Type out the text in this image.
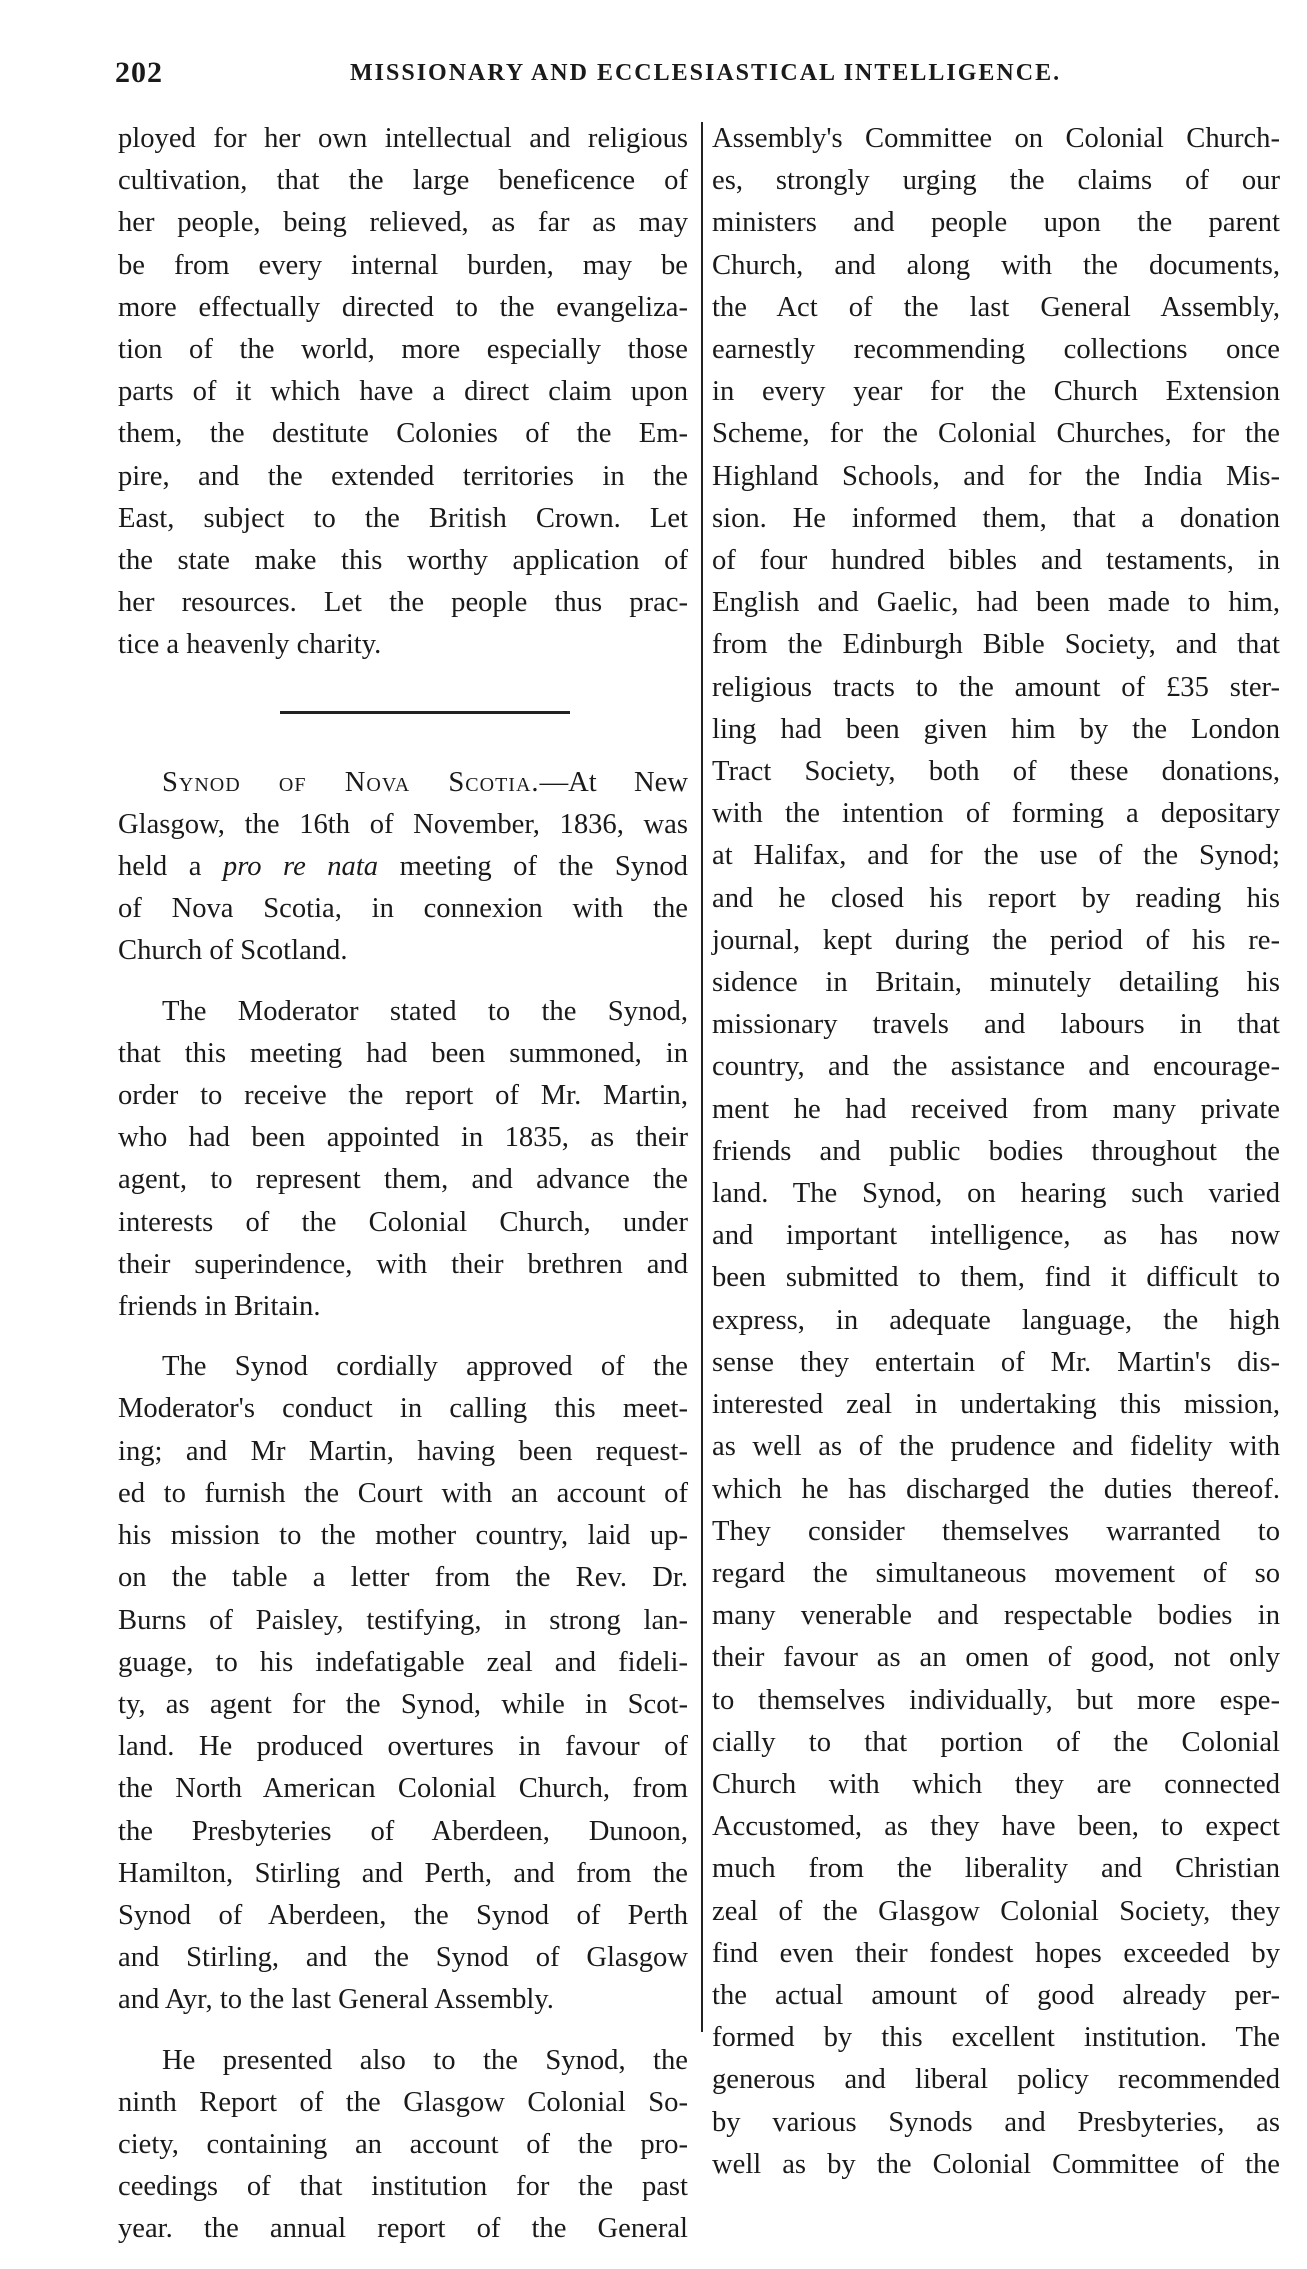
202	MISSIONARY AND ECCLESIASTICAL INTELLIGENCE.
ployed for her own intellectual and religious
cultivation, that the large beneficence of
her people, being relieved, as far as may
be from every internal burden, may be
more effectually directed to the evangeliza-
tion of the world, more especially those
parts of it which have a direct claim upon
them, the destitute Colonies of the Em-
pire, and the extended territories in the
East, subject to the British Crown. Let
the state make this worthy application of
her resources. Let the people thus prac-
tice a heavenly charity.
Synod of Nova Scotia.—At New
Glasgow, the 16th of November, 1836, was
held a pro re nata meeting of the Synod
of Nova Scotia, in connexion with the
Church of Scotland.
The Moderator stated to the Synod,
that this meeting had been summoned, in
order to receive the report of Mr. Martin,
who had been appointed in 1835, as their
agent, to represent them, and advance the
interests of the Colonial Church, under
their superindence, with their brethren and
friends in Britain.
The Synod cordially approved of the
Moderator's conduct in calling this meet-
ing; and Mr Martin, having been request-
ed to furnish the Court with an account of
his mission to the mother country, laid up-
on the table a letter from the Rev. Dr.
Burns of Paisley, testifying, in strong lan-
guage, to his indefatigable zeal and fideli-
ty, as agent for the Synod, while in Scot-
land. He produced overtures in favour of
the North American Colonial Church, from
the Presbyteries of Aberdeen, Dunoon,
Hamilton, Stirling and Perth, and from the
Synod of Aberdeen, the Synod of Perth
and Stirling, and the Synod of Glasgow
and Ayr, to the last General Assembly.
He presented also to the Synod, the
ninth Report of the Glasgow Colonial So-
ciety, containing an account of the pro-
ceedings of that institution for the past
year. the annual report of the General
Assembly's Committee on Colonial Church-
es, strongly urging the claims of our
ministers and people upon the parent
Church, and along with the documents,
the Act of the last General Assembly,
earnestly recommending collections once
in every year for the Church Extension
Scheme, for the Colonial Churches, for the
Highland Schools, and for the India Mis-
sion. He informed them, that a donation
of four hundred bibles and testaments, in
English and Gaelic, had been made to him,
from the Edinburgh Bible Society, and that
religious tracts to the amount of £35 ster-
ling had been given him by the London
Tract Society, both of these donations,
with the intention of forming a depositary
at Halifax, and for the use of the Synod;
and he closed his report by reading his
journal, kept during the period of his re-
sidence in Britain, minutely detailing his
missionary travels and labours in that
country, and the assistance and encourage-
ment he had received from many private
friends and public bodies throughout the
land. The Synod, on hearing such varied
and important intelligence, as has now
been submitted to them, find it difficult to
express, in adequate language, the high
sense they entertain of Mr. Martin's dis-
interested zeal in undertaking this mission,
as well as of the prudence and fidelity with
which he has discharged the duties thereof.
They consider themselves warranted to
regard the simultaneous movement of so
many venerable and respectable bodies in
their favour as an omen of good, not only
to themselves individually, but more espe-
cially to that portion of the Colonial
Church with which they are connected
Accustomed, as they have been, to expect
much from the liberality and Christian
zeal of the Glasgow Colonial Society, they
find even their fondest hopes exceeded by
the actual amount of good already per-
formed by this excellent institution. The
generous and liberal policy recommended
by various Synods and Presbyteries, as
well as by the Colonial Committee of the
